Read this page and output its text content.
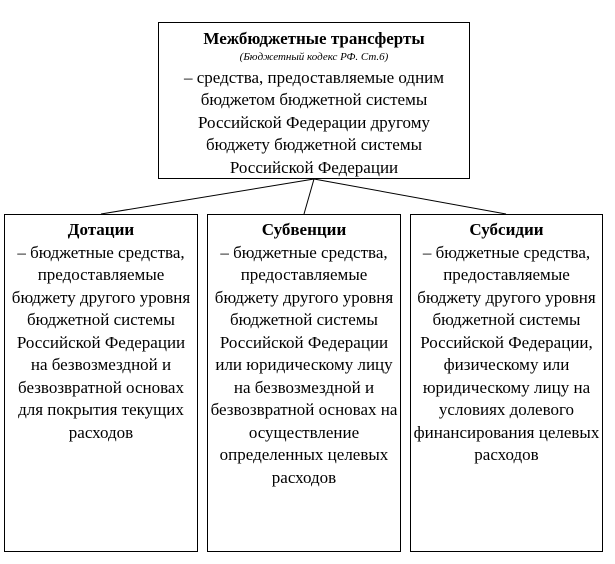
Межбюджетные трансферты
(Бюджетный кодекс РФ. Ст.6)
– средства, предоставляемые одним бюджетом бюджетной системы Российской Федерации другому бюджету бюджетной системы Российской Федерации
Дотации
– бюджетные средства, предоставляемые бюджету другого уровня бюджетной системы Российской Федерации на безвозмездной и безвозвратной основах для покрытия текущих расходов
Субвенции
– бюджетные средства, предоставляемые бюджету другого уровня бюджетной системы Российской Федерации или юридическому лицу на безвозмездной и безвозвратной основах на осуществление определенных целевых расходов
Субсидии
– бюджетные средства, предоставляемые бюджету другого уровня бюджетной системы Российской Федерации, физическому или юридическому лицу на условиях долевого финансирования целевых расходов
